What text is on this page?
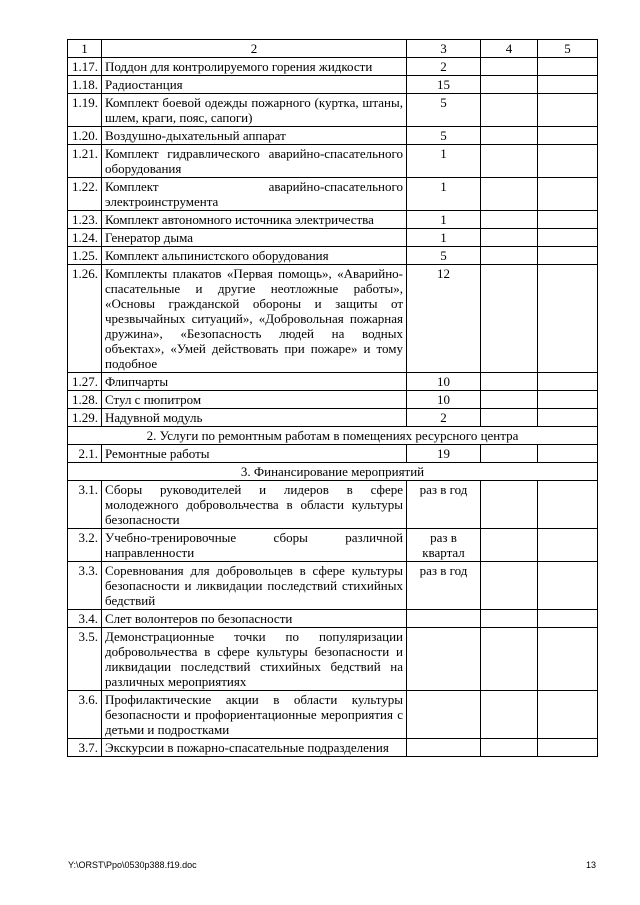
1	2	3	4	5
1.17.	Поддон для контролируемого горения жидкости	2		
1.18.	Радиостанция	15		
1.19.	Комплект боевой одежды пожарного (куртка, штаны, шлем, краги, пояс, сапоги)	5		
1.20.	Воздушно-дыхательный аппарат	5		
1.21.	Комплект гидравлического аварийно-спасательного оборудования	1		
1.22.	Комплект аварийно-спасательного электроинструмента	1		
1.23.	Комплект автономного источника электричества	1		
1.24.	Генератор дыма	1		
1.25.	Комплект альпинистского оборудования	5		
1.26.	Комплекты плакатов «Первая помощь», «Аварийно-спасательные и другие неотложные работы», «Основы гражданской обороны и защиты от чрезвычайных ситуаций», «Добровольная пожарная дружина», «Безопасность людей на водных объектах», «Умей действовать при пожаре» и тому подобное	12		
1.27.	Флипчарты	10		
1.28.	Стул с пюпитром	10		
1.29.	Надувной модуль	2		
2. Услуги по ремонтным работам в помещениях ресурсного центра				
2.1.	Ремонтные работы	19		
3. Финансирование мероприятий				
3.1.	Сборы руководителей и лидеров в сфере молодежного добровольчества в области культуры безопасности	раз в год		
3.2.	Учебно-тренировочные сборы различной направленности	раз в квартал		
3.3.	Соревнования для добровольцев в сфере культуры безопасности и ликвидации последствий стихийных бедствий	раз в год		
3.4.	Слет волонтеров по безопасности			
3.5.	Демонстрационные точки по популяризации добровольчества в сфере культуры безопасности и ликвидации последствий стихийных бедствий на различных мероприятиях			
3.6.	Профилактические акции в области культуры безопасности и профориентационные мероприятия с детьми и подростками			
3.7.	Экскурсии в пожарно-спасательные подразделения			
Y:\ORST\Ppo\0530p388.f19.doc	13
